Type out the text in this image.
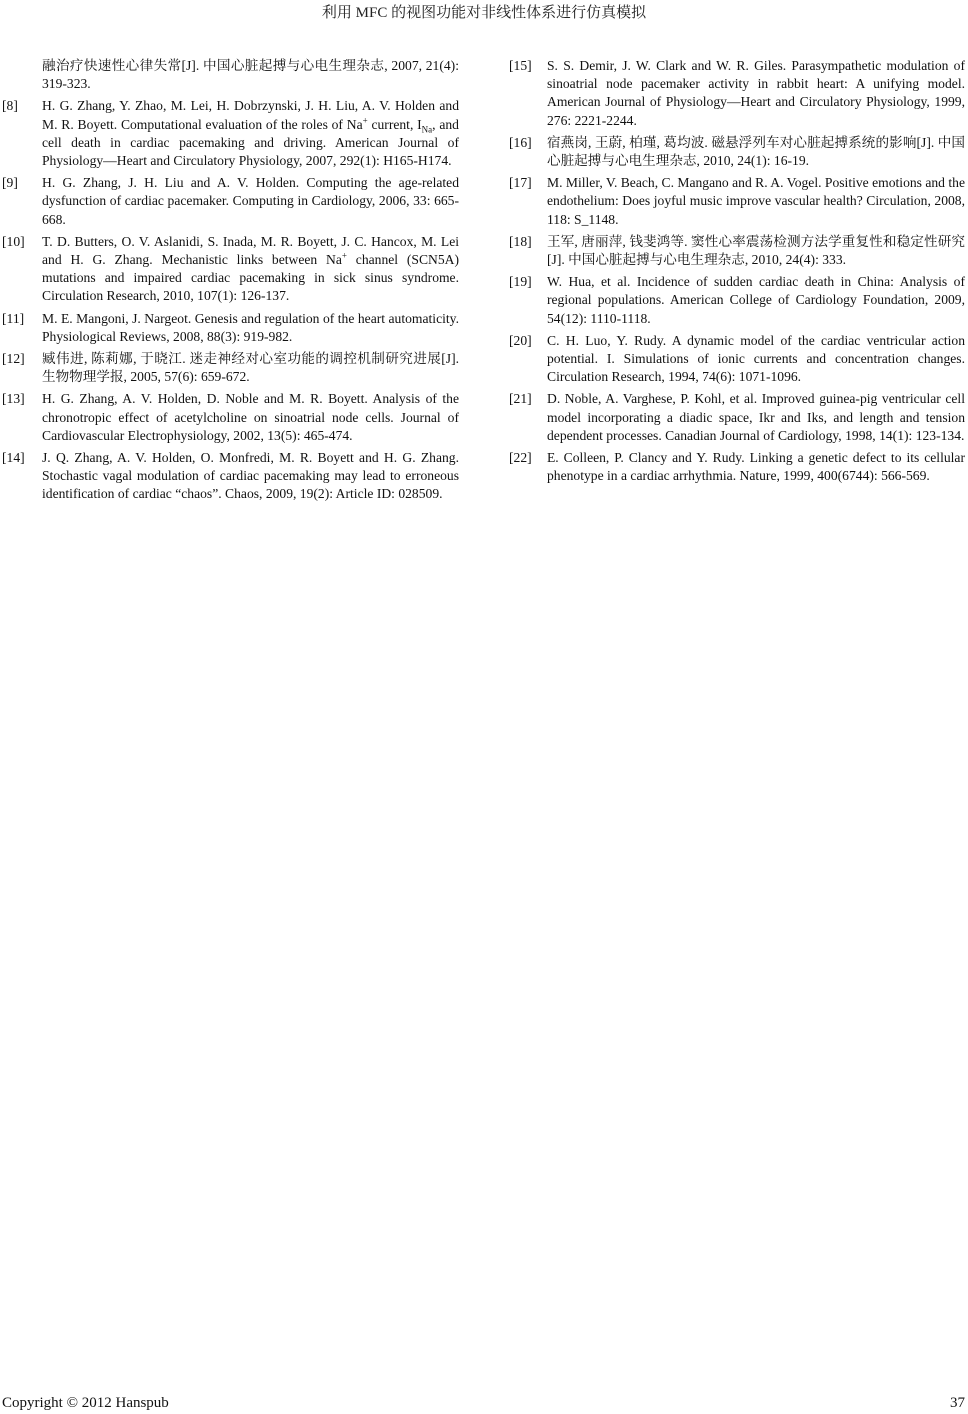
利用 MFC 的视图功能对非线性体系进行仿真模拟
融治疗快速性心律失常[J]. 中国心脏起搏与心电生理杂志, 2007, 21(4): 319-323.
[8]	H. G. Zhang, Y. Zhao, M. Lei, H. Dobrzynski, J. H. Liu, A. V. Holden and M. R. Boyett. Computational evaluation of the roles of Na+ current, $I_{Na}$, and cell death in cardiac pacemaking and driving. American Journal of Physiology—Heart and Circulatory Physiology, 2007, 292(1): H165-H174.
[9]	H. G. Zhang, J. H. Liu and A. V. Holden. Computing the age-related dysfunction of cardiac pacemaker. Computing in Cardiology, 2006, 33: 665-668.
[10]	T. D. Butters, O. V. Aslanidi, S. Inada, M. R. Boyett, J. C. Hancox, M. Lei and H. G. Zhang. Mechanistic links between Na+ channel (SCN5A) mutations and impaired cardiac pacemaking in sick sinus syndrome. Circulation Research, 2010, 107(1): 126-137.
[11]	M. E. Mangoni, J. Nargeot. Genesis and regulation of the heart automaticity. Physiological Reviews, 2008, 88(3): 919-982.
[12]	臧伟进, 陈莉娜, 于晓江. 迷走神经对心室功能的调控机制研究进展[J]. 生物物理学报, 2005, 57(6): 659-672.
[13]	H. G. Zhang, A. V. Holden, D. Noble and M. R. Boyett. Analysis of the chronotropic effect of acetylcholine on sinoatrial node cells. Journal of Cardiovascular Electrophysiology, 2002, 13(5): 465-474.
[14]	J. Q. Zhang, A. V. Holden, O. Monfredi, M. R. Boyett and H. G. Zhang. Stochastic vagal modulation of cardiac pacemaking may lead to erroneous identification of cardiac “chaos”. Chaos, 2009, 19(2): Article ID: 028509.
[15]	S. S. Demir, J. W. Clark and W. R. Giles. Parasympathetic modulation of sinoatrial node pacemaker activity in rabbit heart: A unifying model. American Journal of Physiology—Heart and Circulatory Physiology, 1999, 276: 2221-2244.
[16]	宿燕岗, 王蔚, 柏瑾, 葛均波. 磁悬浮列车对心脏起搏系统的影响[J]. 中国心脏起搏与心电生理杂志, 2010, 24(1): 16-19.
[17]	M. Miller, V. Beach, C. Mangano and R. A. Vogel. Positive emotions and the endothelium: Does joyful music improve vascular health? Circulation, 2008, 118: S_1148.
[18]	王军, 唐丽萍, 钱斐鸿等. 窦性心率震荡检测方法学重复性和稳定性研究[J]. 中国心脏起搏与心电生理杂志, 2010, 24(4): 333.
[19]	W. Hua, et al. Incidence of sudden cardiac death in China: Analysis of regional populations. American College of Cardiology Foundation, 2009, 54(12): 1110-1118.
[20]	C. H. Luo, Y. Rudy. A dynamic model of the cardiac ventricular action potential. I. Simulations of ionic currents and concentration changes. Circulation Research, 1994, 74(6): 1071-1096.
[21]	D. Noble, A. Varghese, P. Kohl, et al. Improved guinea-pig ventricular cell model incorporating a diadic space, Ikr and Iks, and length and tension dependent processes. Canadian Journal of Cardiology, 1998, 14(1): 123-134.
[22]	E. Colleen, P. Clancy and Y. Rudy. Linking a genetic defect to its cellular phenotype in a cardiac arrhythmia. Nature, 1999, 400(6744): 566-569.
Copyright © 2012 Hanspub	37
